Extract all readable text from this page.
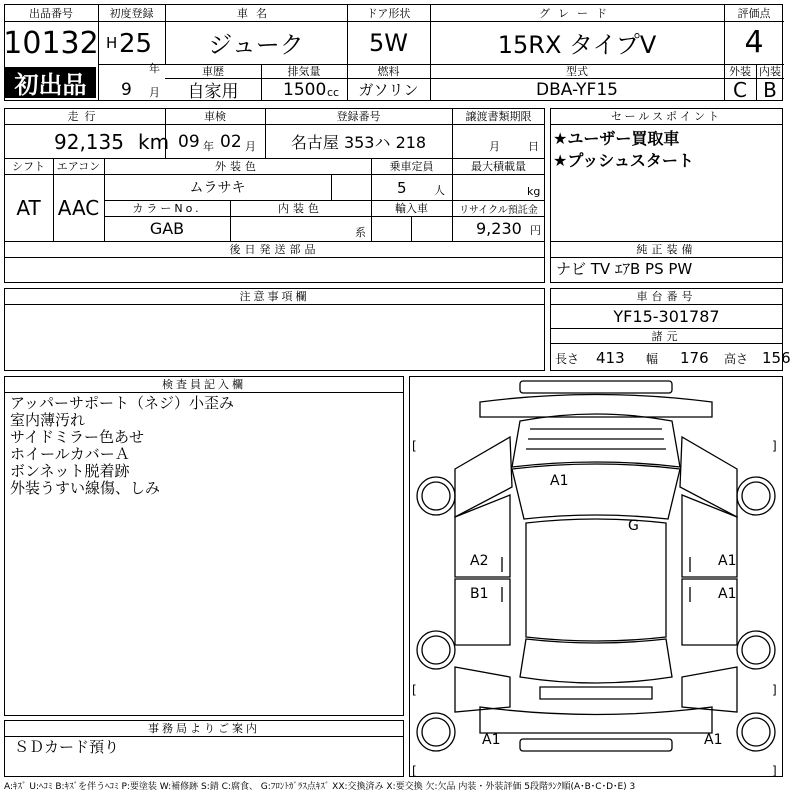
出品番号
10132
初出品
初度登録
H 25
年
9 月
車名
ジューク
ドア形状
5W
グレード
15RX タイプV
評価点
4
車歴
自家用
排気量
1500 cc
燃料
ガソリン
型式
DBA-YF15
外装 内装
C B
走行
92,135 km
車検
09 年 02 月
登録番号
名古屋 353ハ 218
譲渡書類期限
月	日
シフト
AT
エアコン
AAC
外装色
ムラサキ
乗車定員
5 人
最大積載量
kg
カラーNo.
GAB
内装色
系
輸入車	リサイクル預託金
9,230 円
後日発送部品
セールスポイント
★ユーザー買取車
★プッシュスタート
純正装備
ナビ TV ｴｱB PS PW
注意事項欄	車台番号
YF15-301787
諸元
長さ 413 幅 176 高さ 156
検査員記入欄
アッパーサポート（ネジ）小歪み
室内薄汚れ
サイドミラー色あせ
ホイールカバーＡ
ボンネット脱着跡
外装うすい線傷、しみ
事務局よりご案内
ＳＤカード預り
A1
G
A2	A1
B1	A1
A1	A1
[	]
[	]
[	]
A:ｷｽﾞ U:ﾍｺﾐ B:ｷｽﾞを伴うﾍｺﾐ P:要塗装 W:補修跡 S:錆 C:腐食、 G:ﾌﾛﾝﾄｶﾞﾗｽ点ｷｽﾞ XX:交換済み X:要交換 欠:欠品 内装・外装評価 5段階ﾗﾝｸ順(A･B･C･D･E) 3
